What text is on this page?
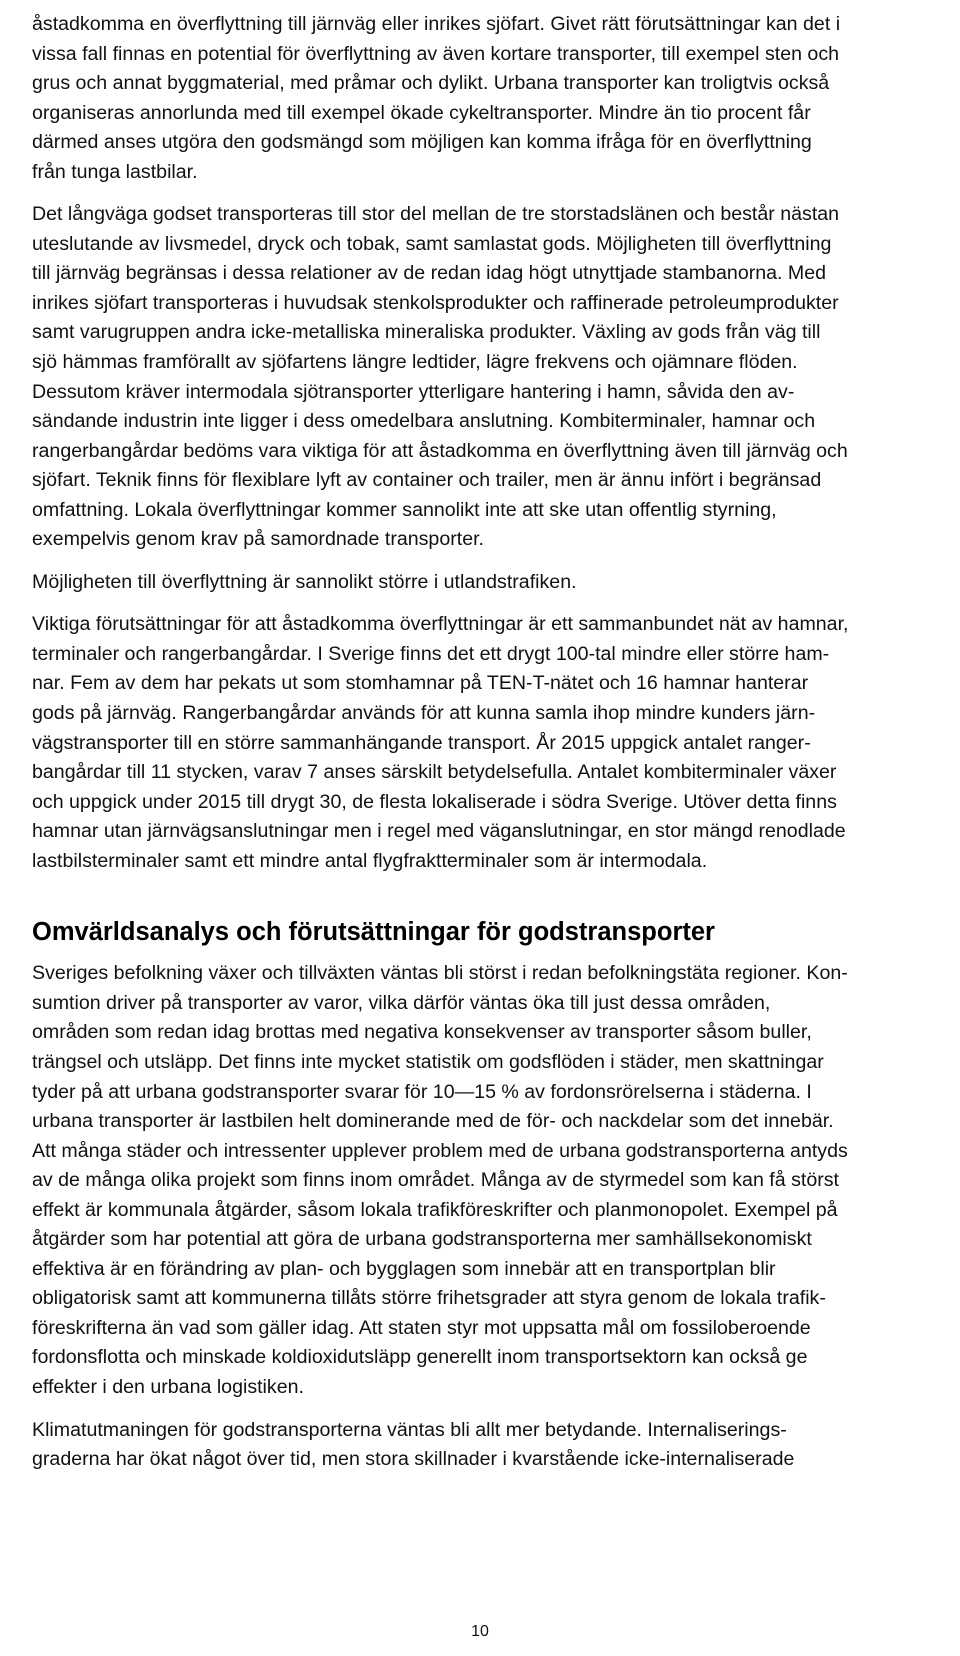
åstadkomma en överflyttning till järnväg eller inrikes sjöfart. Givet rätt förutsättningar kan det i
vissa fall finnas en potential för överflyttning av även kortare transporter, till exempel sten och
grus och annat byggmaterial, med pråmar och dylikt. Urbana transporter kan troligtvis också
organiseras annorlunda med till exempel ökade cykeltransporter. Mindre än tio procent får
därmed anses utgöra den godsmängd som möjligen kan komma ifråga för en överflyttning
från tunga lastbilar.

Det långväga godset transporteras till stor del mellan de tre storstadslänen och består nästan
uteslutande av livsmedel, dryck och tobak, samt samlastat gods. Möjligheten till överflyttning
till järnväg begränsas i dessa relationer av de redan idag högt utnyttjade stambanorna. Med
inrikes sjöfart transporteras i huvudsak stenkolsprodukter och raffinerade petroleumprodukter
samt varugruppen andra icke-metalliska mineraliska produkter. Växling av gods från väg till
sjö hämmas framförallt av sjöfartens längre ledtider, lägre frekvens och ojämnare flöden.
Dessutom kräver intermodala sjötransporter ytterligare hantering i hamn, såvida den av-
sändande industrin inte ligger i dess omedelbara anslutning. Kombiterminaler, hamnar och
rangerbangårdar bedöms vara viktiga för att åstadkomma en överflyttning även till järnväg och
sjöfart. Teknik finns för flexiblare lyft av container och trailer, men är ännu infört i begränsad
omfattning. Lokala överflyttningar kommer sannolikt inte att ske utan offentlig styrning,
exempelvis genom krav på samordnade transporter.

Möjligheten till överflyttning är sannolikt större i utlandstrafiken.

Viktiga förutsättningar för att åstadkomma överflyttningar är ett sammanbundet nät av hamnar,
terminaler och rangerbangårdar. I Sverige finns det ett drygt 100-tal mindre eller större ham-
nar. Fem av dem har pekats ut som stomhamnar på TEN-T-nätet och 16 hamnar hanterar
gods på järnväg. Rangerbangårdar används för att kunna samla ihop mindre kunders järn-
vägstransporter till en större sammanhängande transport. År 2015 uppgick antalet ranger-
bangårdar till 11 stycken, varav 7 anses särskilt betydelsefulla. Antalet kombiterminaler växer
och uppgick under 2015 till drygt 30, de flesta lokaliserade i södra Sverige. Utöver detta finns
hamnar utan järnvägsanslutningar men i regel med väganslutningar, en stor mängd renodlade
lastbilsterminaler samt ett mindre antal flygfraktterminaler som är intermodala.

Omvärldsanalys och förutsättningar för godstransporter

Sveriges befolkning växer och tillväxten väntas bli störst i redan befolkningstäta regioner. Kon-
sumtion driver på transporter av varor, vilka därför väntas öka till just dessa områden,
områden som redan idag brottas med negativa konsekvenser av transporter såsom buller,
trängsel och utsläpp. Det finns inte mycket statistik om godsflöden i städer, men skattningar
tyder på att urbana godstransporter svarar för 10—15 % av fordonsrörelserna i städerna. I
urbana transporter är lastbilen helt dominerande med de för- och nackdelar som det innebär.
Att många städer och intressenter upplever problem med de urbana godstransporterna antyds
av de många olika projekt som finns inom området. Många av de styrmedel som kan få störst
effekt är kommunala åtgärder, såsom lokala trafikföreskrifter och planmonopolet. Exempel på
åtgärder som har potential att göra de urbana godstransporterna mer samhällsekonomiskt
effektiva är en förändring av plan- och bygglagen som innebär att en transportplan blir
obligatorisk samt att kommunerna tillåts större frihetsgrader att styra genom de lokala trafik-
föreskrifterna än vad som gäller idag. Att staten styr mot uppsatta mål om fossiloberoende
fordonsflotta och minskade koldioxidutsläpp generellt inom transportsektorn kan också ge
effekter i den urbana logistiken.

Klimatutmaningen för godstransporterna väntas bli allt mer betydande. Internaliserings-
graderna har ökat något över tid, men stora skillnader i kvarstående icke-internaliserade

10
